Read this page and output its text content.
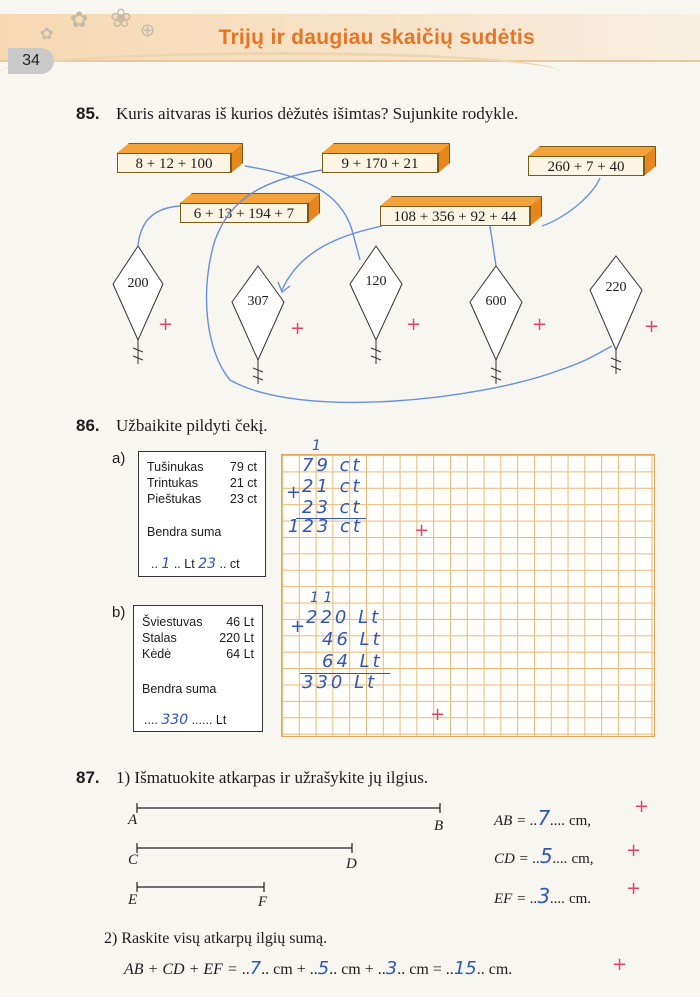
✿ ❀ ⊕
✿
34
Trijų ir daugiau skaičių sudėtis
85. Kuris aitvaras iš kurios dėžutės išimtas? Sujunkite rodykle.
8 + 12 + 100	9 + 170 + 21	260 + 7 + 40
6 + 13 + 194 + 7	108 + 356 + 92 + 44
200
307
120
600
220
+	+	+	+	+
86. Užbaikite pildyti čekį.
a) Tušinukas 79 ct
Trintukas	21 ct
Pieštukas 23 ct
Bendra suma
.. 1 .. Lt 23 .. ct
1
79 ct
21 ct
23 ct
123 ct
+
+
b)
Šviestuvas 46 Lt
Stalas	220 Lt
Kėdė	64 Lt
Bendra suma
.... 330 ...... Lt
1 1
220 Lt
46 Lt
64 Lt
330 Lt
+
+
87. 1) Išmatuokite atkarpas ir užrašykite jų ilgius.
A	B
C	D
E	F
AB = ..7.... cm,
CD = ..5.... cm,
EF = ..3.... cm.
+
+
+
2) Raskite visų atkarpų ilgių sumą.
AB + CD + EF = ..7.. cm + ..5.. cm + ..3.. cm = ..15.. cm.	+
